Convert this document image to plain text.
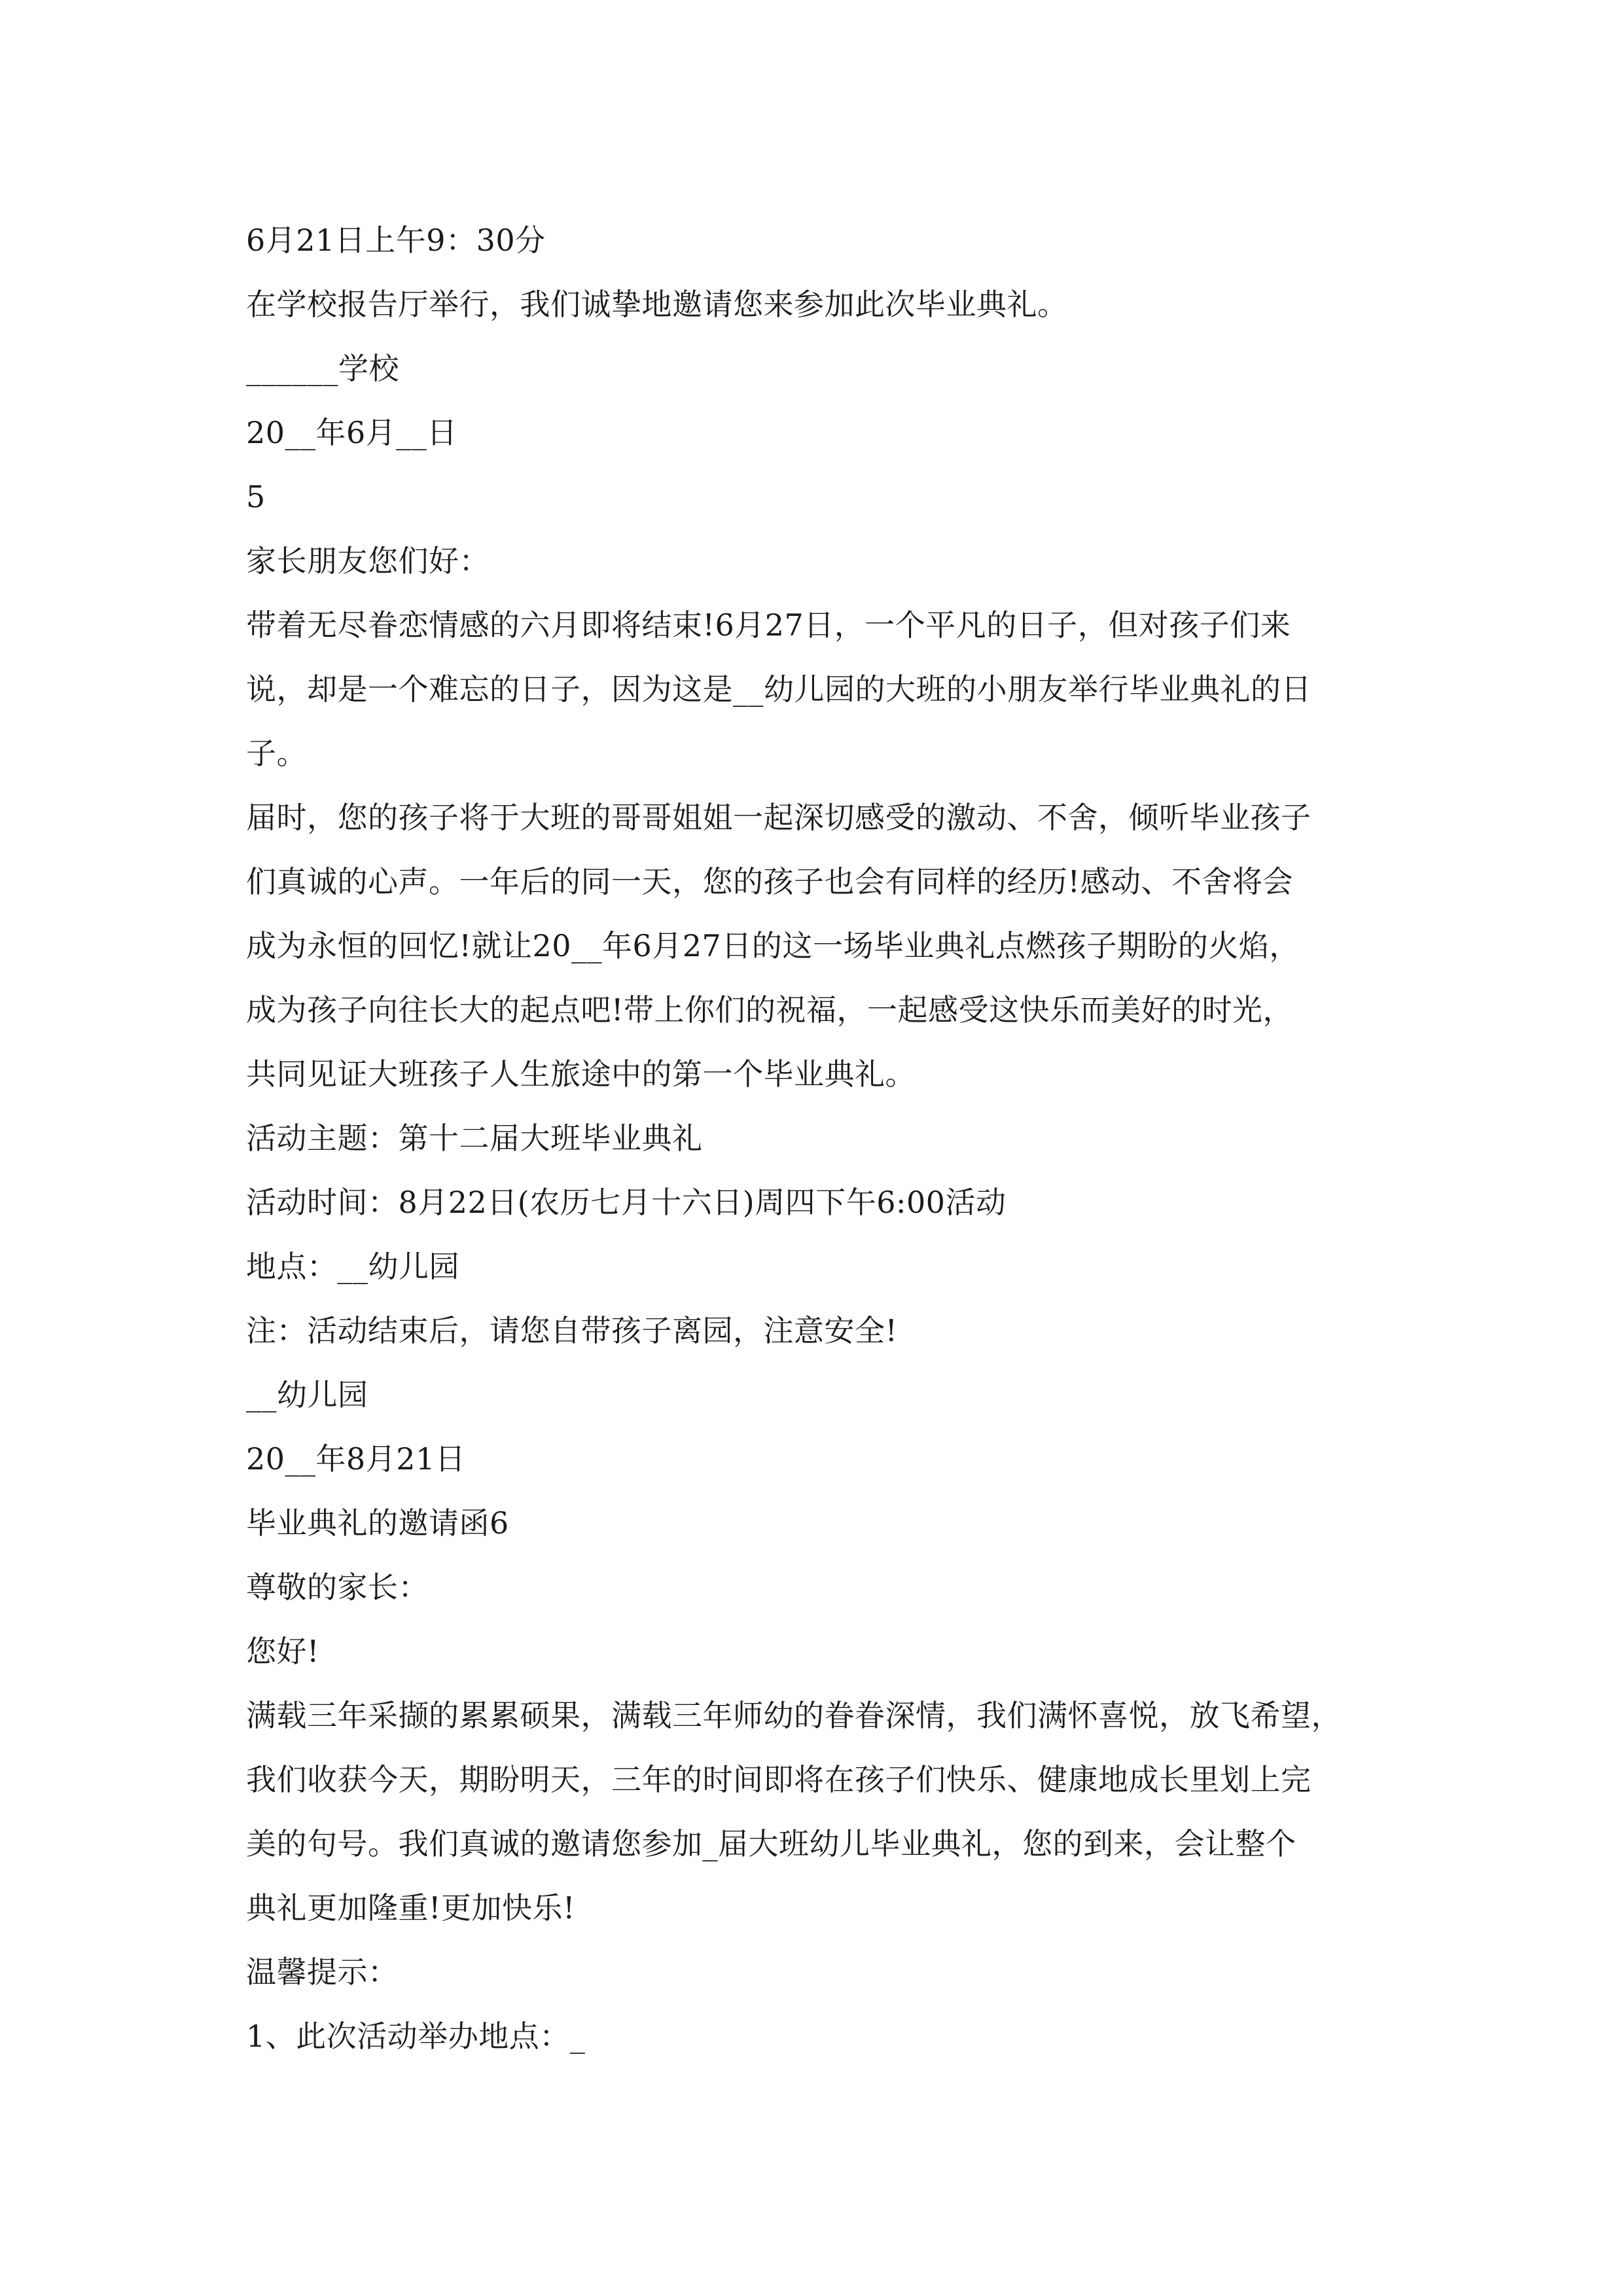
6月21日上午9：30分
在学校报告厅举行，我们诚挚地邀请您来参加此次毕业典礼。
______学校
20__年6月__日
5
家长朋友您们好：
带着无尽眷恋情感的六月即将结束!6月27日，一个平凡的日子，但对孩子们来
说，却是一个难忘的日子，因为这是__幼儿园的大班的小朋友举行毕业典礼的日
子。
届时，您的孩子将于大班的哥哥姐姐一起深切感受的激动、不舍，倾听毕业孩子
们真诚的心声。一年后的同一天，您的孩子也会有同样的经历!感动、不舍将会
成为永恒的回忆!就让20__年6月27日的这一场毕业典礼点燃孩子期盼的火焰，
成为孩子向往长大的起点吧!带上你们的祝福，一起感受这快乐而美好的时光，
共同见证大班孩子人生旅途中的第一个毕业典礼。
活动主题：第十二届大班毕业典礼
活动时间：8月22日(农历七月十六日)周四下午6:00活动
地点：__幼儿园
注：活动结束后，请您自带孩子离园，注意安全!
__幼儿园
20__年8月21日
毕业典礼的邀请函6
尊敬的家长：
您好!
满载三年采撷的累累硕果，满载三年师幼的眷眷深情，我们满怀喜悦，放飞希望，
我们收获今天，期盼明天，三年的时间即将在孩子们快乐、健康地成长里划上完
美的句号。我们真诚的邀请您参加_届大班幼儿毕业典礼，您的到来，会让整个
典礼更加隆重!更加快乐!
温馨提示：
1、此次活动举办地点：_
